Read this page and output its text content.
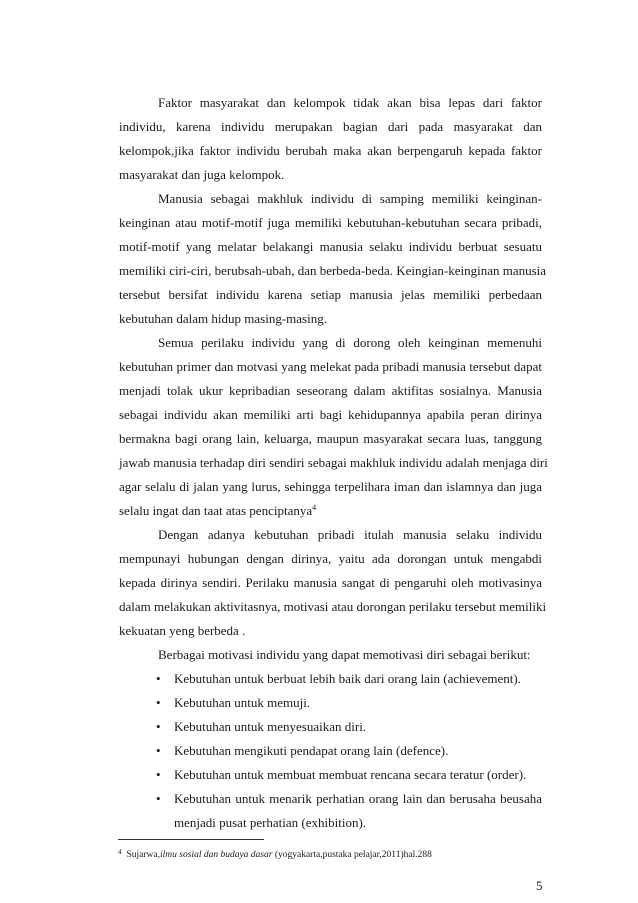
Faktor masyarakat dan kelompok tidak akan bisa lepas dari faktor
individu, karena individu merupakan bagian dari pada masyarakat dan
kelompok,jika faktor individu berubah maka akan berpengaruh kepada faktor
masyarakat dan juga kelompok.
Manusia sebagai makhluk individu di samping memiliki keinginan-
keinginan atau motif-motif juga memiliki kebutuhan-kebutuhan secara pribadi,
motif-motif yang melatar belakangi manusia selaku individu berbuat sesuatu
memiliki ciri-ciri, berubsah-ubah, dan berbeda-beda. Keingian-keinginan manusia
tersebut bersifat individu karena setiap manusia jelas memiliki perbedaan
kebutuhan dalam hidup masing-masing.
Semua perilaku individu yang di dorong oleh keinginan memenuhi
kebutuhan primer dan motvasi yang melekat pada pribadi manusia tersebut dapat
menjadi tolak ukur kepribadian seseorang dalam aktifitas sosialnya. Manusia
sebagai individu akan memiliki arti bagi kehidupannya apabila peran dirinya
bermakna bagi orang lain, keluarga, maupun masyarakat secara luas, tanggung
jawab manusia terhadap diri sendiri sebagai makhluk individu adalah menjaga diri
agar selalu di jalan yang lurus, sehingga terpelihara iman dan islamnya dan juga
selalu ingat dan taat atas penciptanya$^4$
Dengan adanya kebutuhan pribadi itulah manusia selaku individu
mempunayi hubungan dengan dirinya, yaitu ada dorongan untuk mengabdi
kepada dirinya sendiri. Perilaku manusia sangat di pengaruhi oleh motivasinya
dalam melakukan aktivitasnya, motivasi atau dorongan perilaku tersebut memiliki
kekuatan yeng berbeda .
Berbagai motivasi individu yang dapat memotivasi diri sebagai berikut:
•	Kebutuhan untuk berbuat lebih baik dari orang lain (achievement).
•	Kebutuhan untuk memuji.
•	Kebutuhan untuk menyesuaikan diri.
•	Kebutuhan mengikuti pendapat orang lain (defence).
•	Kebutuhan untuk membuat membuat rencana secara teratur (order).
•	Kebutuhan untuk menarik perhatian orang lain dan berusaha beusaha
menjadi pusat perhatian (exhibition).
$^4$ Sujarwa,ilmu sosial dan budaya dasar (yogyakarta,pustaka pelajar,2011)hal.288
5
